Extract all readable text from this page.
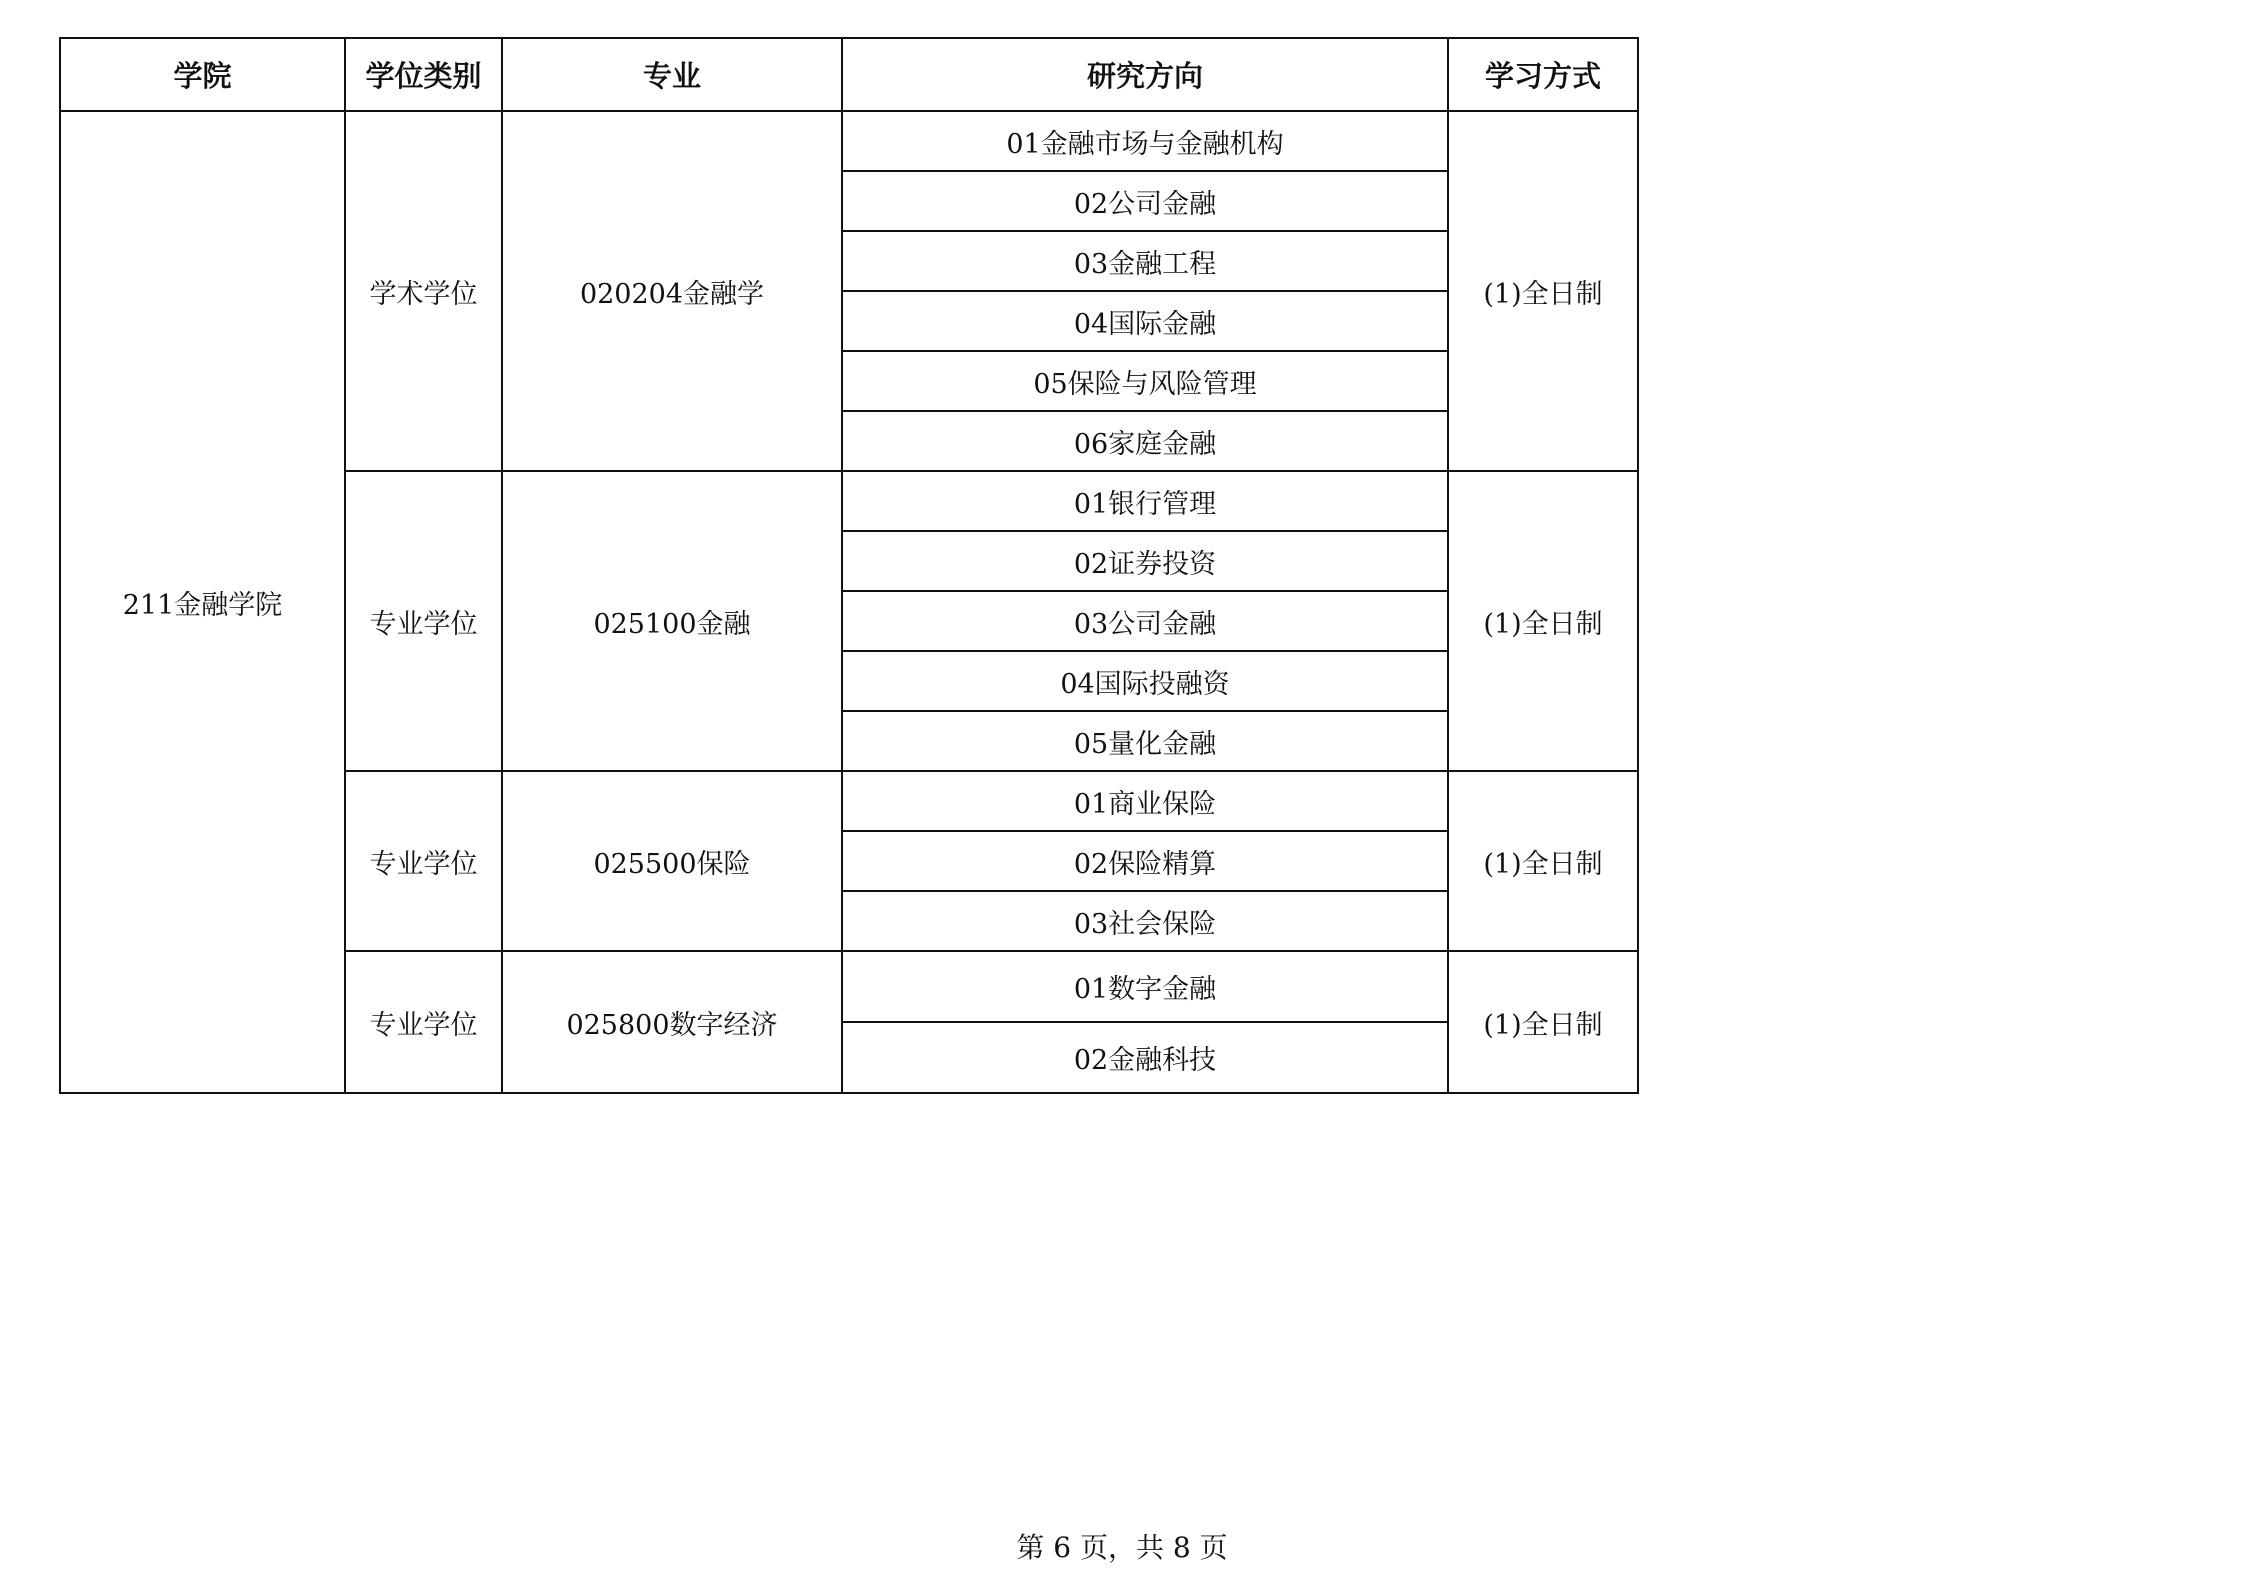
学院	学位类别	专业	研究方向	学习方式
211金融学院	学术学位	020204金融学	01金融市场与金融机构	(1)全日制
			02公司金融	
			03金融工程	
			04国际金融	
			05保险与风险管理	
			06家庭金融	
	专业学位	025100金融	01银行管理	(1)全日制
			02证券投资	
			03公司金融	
			04国际投融资	
			05量化金融	
	专业学位	025500保险	01商业保险	(1)全日制
			02保险精算	
			03社会保险	
	专业学位	025800数字经济	01数字金融	(1)全日制
			02金融科技	
第 6 页，共 8 页
